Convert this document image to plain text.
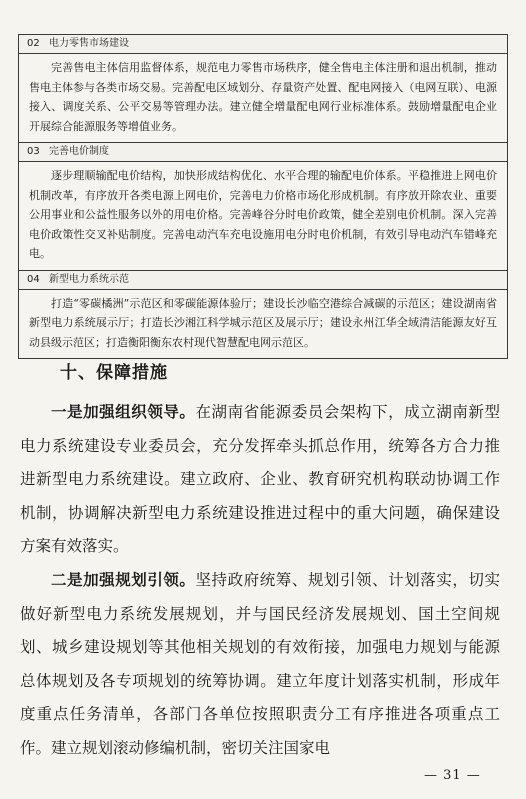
02 电力零售市场建设
完善售电主体信用监督体系，规范电力零售市场秩序，健全售电主体注册和退出机制，推动售电主体参与各类市场交易。完善配电区域划分、存量资产处置、配电网接入（电网互联）、电源接入、调度关系、公平交易等管理办法。建立健全增量配电网行业标准体系。鼓励增量配电企业开展综合能源服务等增值业务。
03 完善电价制度
逐步理顺输配电价结构，加快形成结构优化、水平合理的输配电价体系。平稳推进上网电价机制改革，有序放开各类电源上网电价，完善电力价格市场化形成机制。有序放开除农业、重要公用事业和公益性服务以外的用电价格。完善峰谷分时电价政策，健全差别电价机制。深入完善电价政策性交叉补贴制度。完善电动汽车充电设施用电分时电价机制，有效引导电动汽车错峰充电。
04 新型电力系统示范
打造“零碳橘洲”示范区和零碳能源体验厅；建设长沙临空港综合减碳的示范区；建设湖南省新型电力系统展示厅；打造长沙湘江科学城示范区及展示厅；建设永州江华全域清洁能源友好互动县级示范区；打造衡阳衡东农村现代智慧配电网示范区。
十、保障措施
一是加强组织领导。在湖南省能源委员会架构下，成立湖南新型电力系统建设专业委员会，充分发挥牵头抓总作用，统筹各方合力推进新型电力系统建设。建立政府、企业、教育研究机构联动协调工作机制，协调解决新型电力系统建设推进过程中的重大问题，确保建设方案有效落实。
二是加强规划引领。坚持政府统筹、规划引领、计划落实，切实做好新型电力系统发展规划，并与国民经济发展规划、国土空间规划、城乡建设规划等其他相关规划的有效衔接，加强电力规划与能源总体规划及各专项规划的统筹协调。建立年度计划落实机制，形成年度重点任务清单，各部门各单位按照职责分工有序推进各项重点工作。建立规划滚动修编机制，密切关注国家电
— 31 —
